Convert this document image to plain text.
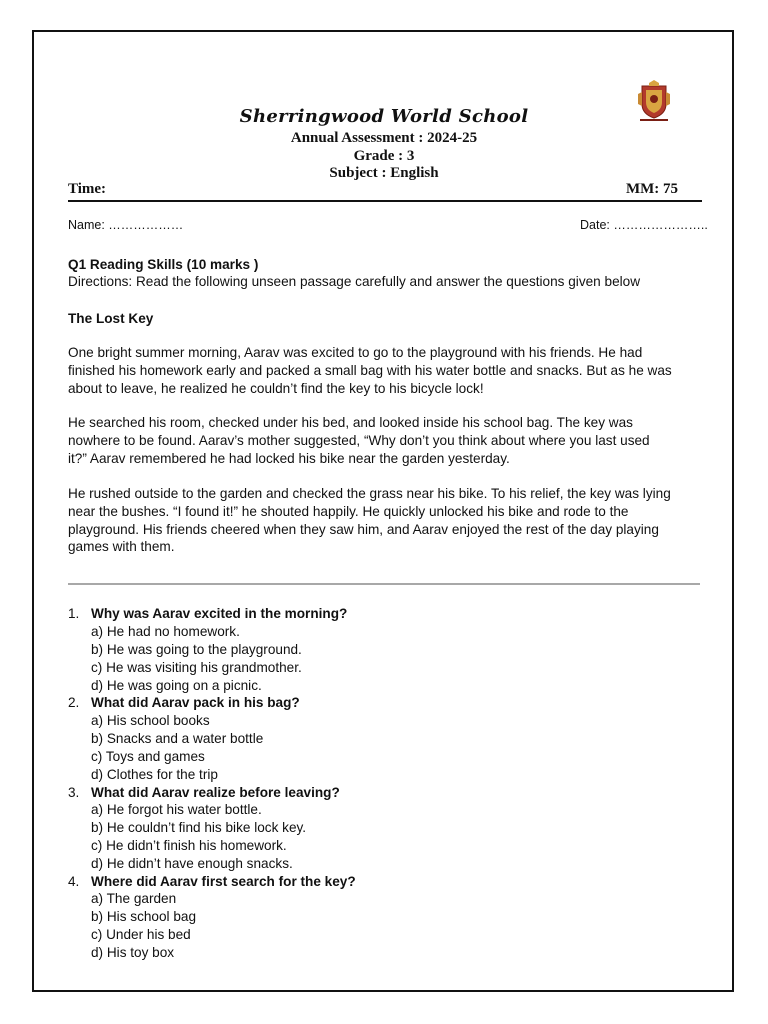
Sherringwood World School
Annual Assessment : 2024-25
Grade : 3
Subject : English
Time:	MM: 75
Name: ………………	Date: …………………..
Q1 Reading Skills (10 marks )
Directions: Read the following unseen passage carefully and answer the questions given below
The Lost Key
One bright summer morning, Aarav was excited to go to the playground with his friends. He had
finished his homework early and packed a small bag with his water bottle and snacks. But as he was
about to leave, he realized he couldn’t find the key to his bicycle lock!
He searched his room, checked under his bed, and looked inside his school bag. The key was
nowhere to be found. Aarav’s mother suggested, “Why don’t you think about where you last used
it?” Aarav remembered he had locked his bike near the garden yesterday.
He rushed outside to the garden and checked the grass near his bike. To his relief, the key was lying
near the bushes. “I found it!” he shouted happily. He quickly unlocked his bike and rode to the
playground. His friends cheered when they saw him, and Aarav enjoyed the rest of the day playing
games with them.
1. Why was Aarav excited in the morning?
a) He had no homework.
b) He was going to the playground.
c) He was visiting his grandmother.
d) He was going on a picnic.
2. What did Aarav pack in his bag?
a) His school books
b) Snacks and a water bottle
c) Toys and games
d) Clothes for the trip
3. What did Aarav realize before leaving?
a) He forgot his water bottle.
b) He couldn’t find his bike lock key.
c) He didn’t finish his homework.
d) He didn’t have enough snacks.
4. Where did Aarav first search for the key?
a) The garden
b) His school bag
c) Under his bed
d) His toy box
